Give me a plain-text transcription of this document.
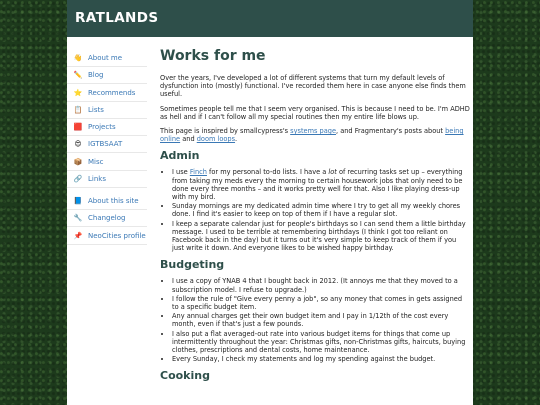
RATLANDS
👋 About me
✏️ Blog
⭐ Recommends
📋 Lists
🟥 Projects
😍 IGTBSAAT
📦 Misc
🔗 Links
📘 About this site
🔧 Changelog
📌 NeoCities profile
Works for me

Over the years, I've developed a lot of different systems that turn my default levels of dysfunction into (mostly) functional. I've recorded them here in case anyone else finds them useful.

Sometimes people tell me that I seem very organised. This is because I need to be. I'm ADHD as hell and if I can't follow all my special routines then my entire life blows up.

This page is inspired by smallcypress's systems page, and Fragmentary's posts about being online and doom loops.

Admin
• I use Finch for my personal to-do lists. I have a lot of recurring tasks set up – everything from taking my meds every the morning to certain housework jobs that only need to be done every three months – and it works pretty well for that. Also I like playing dress-up with my bird.
• Sunday mornings are my dedicated admin time where I try to get all my weekly chores done. I find it's easier to keep on top of them if I have a regular slot.
• I keep a separate calendar just for people's birthdays so I can send them a little birthday message. I used to be terrible at remembering birthdays (I think I got too reliant on Facebook back in the day) but it turns out it's very simple to keep track of them if you just write it down. And everyone likes to be wished happy birthday.
Budgeting
• I use a copy of YNAB 4 that I bought back in 2012. (It annoys me that they moved to a subscription model. I refuse to upgrade.)
• I follow the rule of "Give every penny a job", so any money that comes in gets assigned to a specific budget item.
• Any annual charges get their own budget item and I pay in 1/12th of the cost every month, even if that's just a few pounds.
• I also put a flat averaged-out rate into various budget items for things that come up intermittently throughout the year: Christmas gifts, non-Christmas gifts, haircuts, buying clothes, prescriptions and dental costs, home maintenance.
• Every Sunday, I check my statements and log my spending against the budget.
Cooking
